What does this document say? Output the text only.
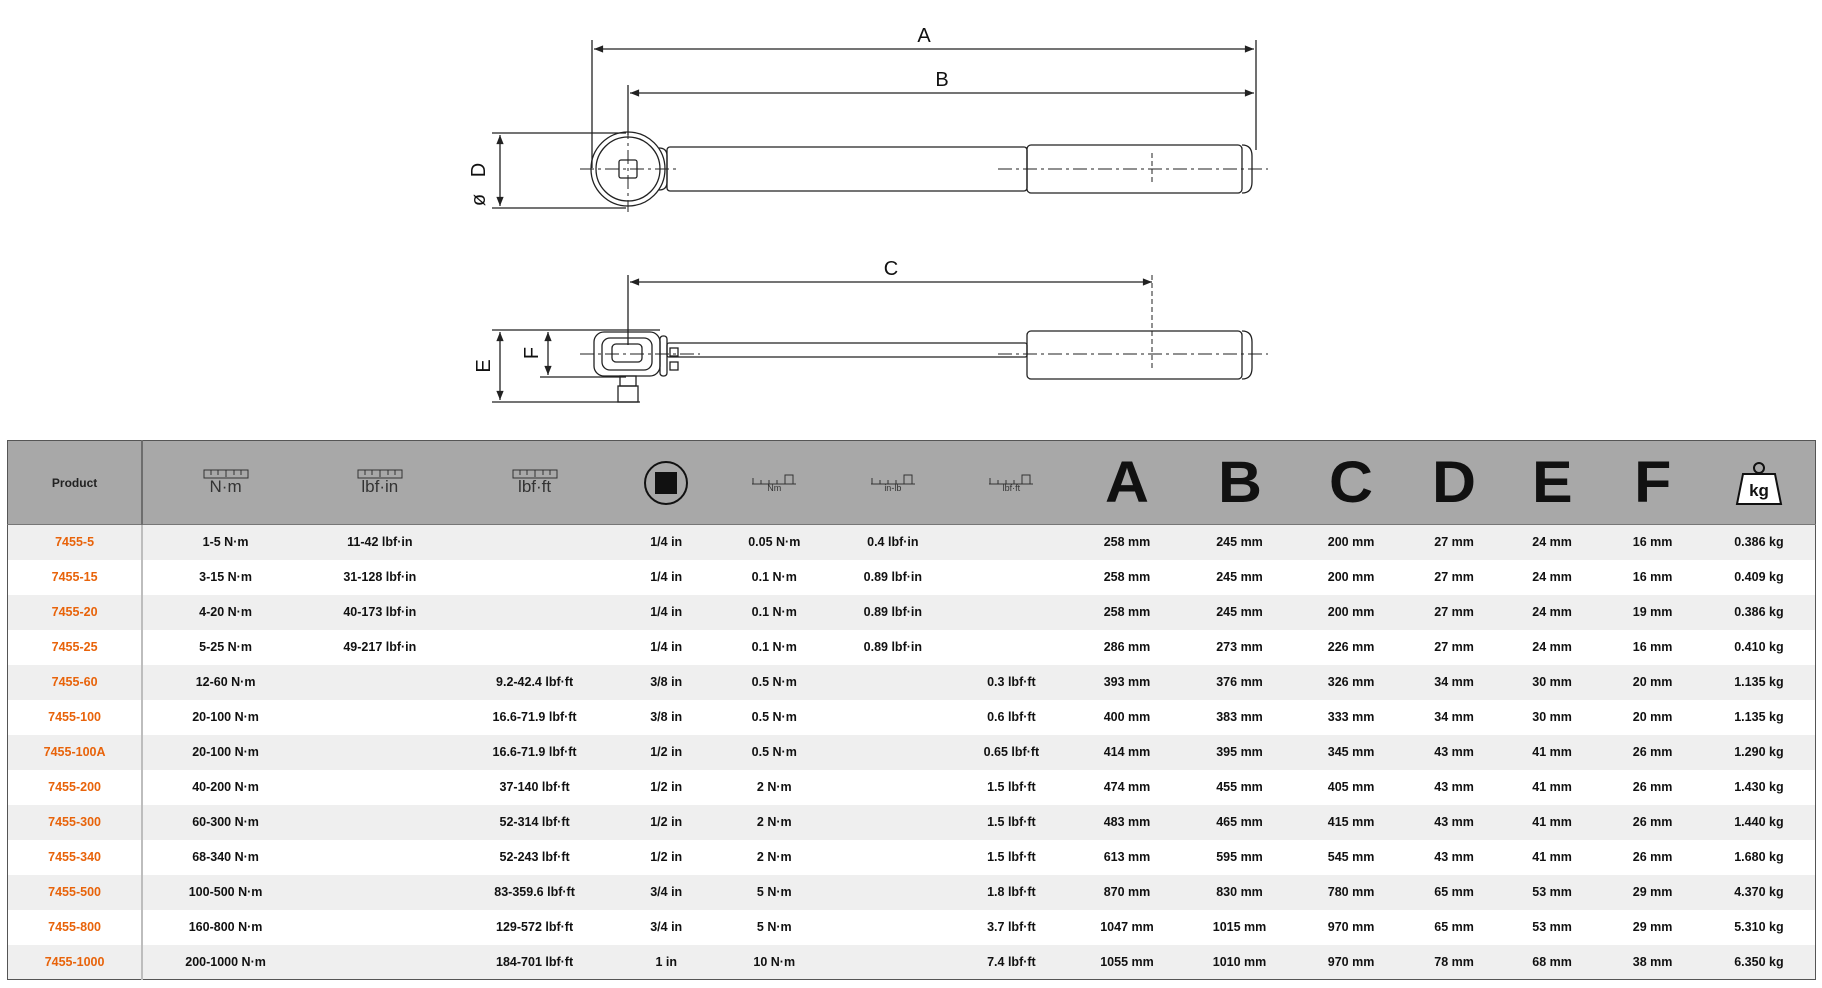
A
B
C
D
ø
E
F
Product	N·m	lbf·in	lbf·ft		Nm	in-lb	lbf·ft	A	B	C	D	E	F	kg

7455-5	1-5 N·m	11-42 lbf·in		1/4 in	0.05 N·m	0.4 lbf·in		258 mm	245 mm	200 mm	27 mm	24 mm	16 mm	0.386 kg
7455-15	3-15 N·m	31-128 lbf·in		1/4 in	0.1 N·m	0.89 lbf·in		258 mm	245 mm	200 mm	27 mm	24 mm	16 mm	0.409 kg
7455-20	4-20 N·m	40-173 lbf·in		1/4 in	0.1 N·m	0.89 lbf·in		258 mm	245 mm	200 mm	27 mm	24 mm	19 mm	0.386 kg
7455-25	5-25 N·m	49-217 lbf·in		1/4 in	0.1 N·m	0.89 lbf·in		286 mm	273 mm	226 mm	27 mm	24 mm	16 mm	0.410 kg
7455-60	12-60 N·m		9.2-42.4 lbf·ft	3/8 in	0.5 N·m		0.3 lbf·ft	393 mm	376 mm	326 mm	34 mm	30 mm	20 mm	1.135 kg
7455-100	20-100 N·m		16.6-71.9 lbf·ft	3/8 in	0.5 N·m		0.6 lbf·ft	400 mm	383 mm	333 mm	34 mm	30 mm	20 mm	1.135 kg
7455-100A	20-100 N·m		16.6-71.9 lbf·ft	1/2 in	0.5 N·m		0.65 lbf·ft	414 mm	395 mm	345 mm	43 mm	41 mm	26 mm	1.290 kg
7455-200	40-200 N·m		37-140 lbf·ft	1/2 in	2 N·m		1.5 lbf·ft	474 mm	455 mm	405 mm	43 mm	41 mm	26 mm	1.430 kg
7455-300	60-300 N·m		52-314 lbf·ft	1/2 in	2 N·m		1.5 lbf·ft	483 mm	465 mm	415 mm	43 mm	41 mm	26 mm	1.440 kg
7455-340	68-340 N·m		52-243 lbf·ft	1/2 in	2 N·m		1.5 lbf·ft	613 mm	595 mm	545 mm	43 mm	41 mm	26 mm	1.680 kg
7455-500	100-500 N·m		83-359.6 lbf·ft	3/4 in	5 N·m		1.8 lbf·ft	870 mm	830 mm	780 mm	65 mm	53 mm	29 mm	4.370 kg
7455-800	160-800 N·m		129-572 lbf·ft	3/4 in	5 N·m		3.7 lbf·ft	1047 mm	1015 mm	970 mm	65 mm	53 mm	29 mm	5.310 kg
7455-1000	200-1000 N·m		184-701 lbf·ft	1 in	10 N·m		7.4 lbf·ft	1055 mm	1010 mm	970 mm	78 mm	68 mm	38 mm	6.350 kg
